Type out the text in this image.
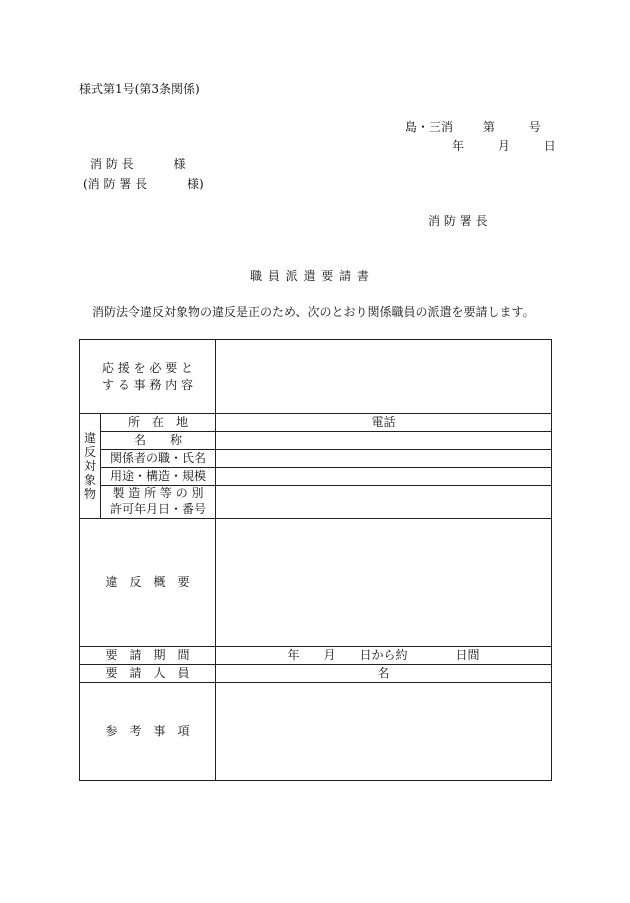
様式第1号(第3条関係)
島・三消 第	号
年	月	日
消 防 長　　　 様
(消 防 署 長　　　 様)
消 防 署 長
職 員 派 遣 要 請 書
消防法令違反対象物の違反是正のため、次のとおり関係職員の派遣を要請します。
応 援 を 必 要 と
す る 事 務 内 容		

違反対象物	所　在　地	電話
	名　　称	
	関係者の職・氏名	
	用途・構造・規模	

	製 造 所 等 の 別
許可年月日・番号	

違　反　概　要		
要　請　期　間		年　　月　　日から約　　　　日間
要　請　人　員		名
参　考　事　項		
